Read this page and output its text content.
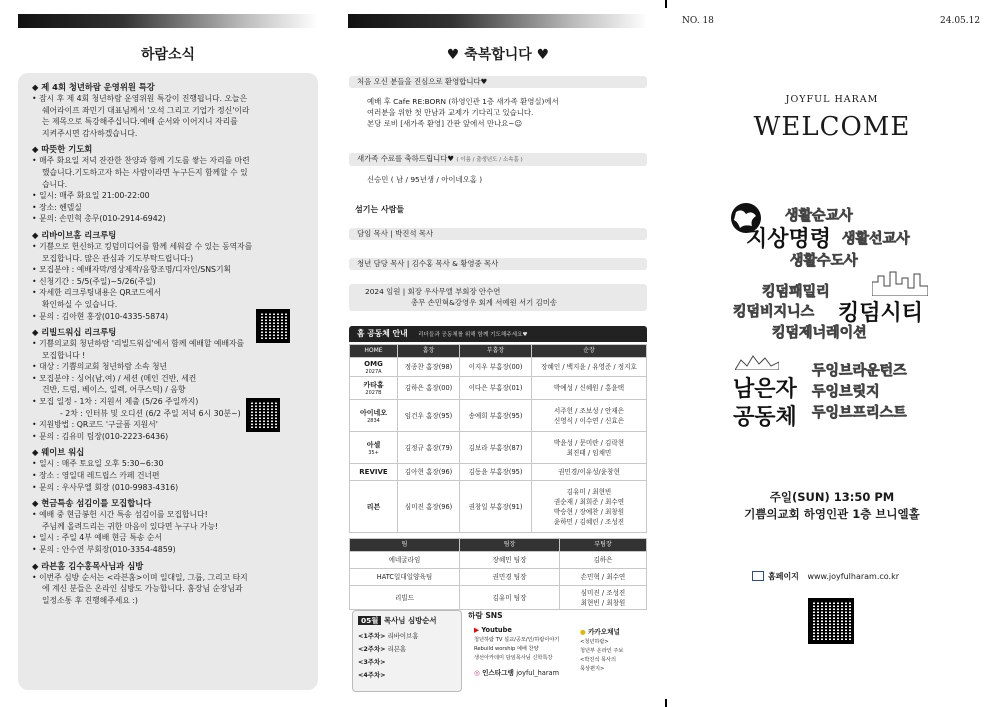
하람소식
◆ 제 4회 청년하람 운영위원 특강
• 잠시 후 제 4회 청년하람 운영위원 특강이 진행됩니다. 오늘은
쉐어라이프 좌민기 대표님께서 '오석 그리고 기업가 정신'이라
는 제목으로 특강해주십니다.예배 순서와 이어지니 자리를
지켜주시면 감사하겠습니다.
◆ 따뜻한 기도회
• 매주 화요일 저녁 잔잔한 찬양과 함께 기도를 쌓는 자리를 마련
했습니다.기도하고자 하는 사람이라면 누구든지 함께할 수 있
습니다.
• 일시: 매주 화요일 21:00-22:00
• 장소: 헨델실
• 문의: 손민혁 총무(010-2914-6942)
◆ 리바이브홈 리크루팅
• 기쁨으로 헌신하고 킹덤미디어를 함께 세워갈 수 있는 동역자를
모집합니다. 많은 관심과 기도부탁드립니다:)
• 모집분야 : 예배자막/영상제작/음향조명/디자인/SNS기획
• 신청기간 : 5/5(주일)~5/26(주일)
• 자세한 리크루팅내용은 QR코드에서
확인하실 수 있습니다.
• 문의 : 김아현 홍장(010-4335-5874)
◆ 리빌드워십 리크루팅
• 기쁨의교회 청년하람 '리빌드워십'에서 함께 예배할 예배자를
모집합니다 !
• 대상 : 기쁨의교회 청년하람 소속 청년
• 모집분야 : 싱어(남,여) / 세션 (메인 건반, 세컨
건반, 드럼, 베이스, 일렉, 어쿠스틱) / 음향
• 모집 일정 - 1차 : 지원서 제출 (5/26 주일까지)
- 2차 : 인터뷰 및 오디션 (6/2 주일 저녁 6시 30분~)
• 지원방법 : QR코드 '구글폼 지원서'
• 문의 : 김유미 팀장(010-2223-6436)
◆ 웨이브 워십
• 일시 : 매주 토요일 오후 5:30~6:30
• 장소 : 영일대 레드립스 카페 건너편
• 문의 : 우사무엘 회장 (010-9983-4316)
◆ 현금특송 섬김이를 모집합니다
• 예배 중 현금봉헌 시간 특송 섬김이를 모집합니다!
주님께 올려드리는 귀한 마음이 있다면 누구나 가능!
• 일시 : 주일 4부 예배 현금 특송 순서
• 문의 : 안수연 부회장(010-3354-4859)
◆ 라븐홈 김수홍목사님과 심방
• 이번주 심방 순서는 <라븐홈>이며 일대일, 그룹, 그리고 타지
에 계신 분들은 온라인 심방도 가능합니다. 홈장님 순장님과
일정소통 후 진행해주세요 :)
♥ 축복합니다 ♥
처음 오신 분들을 진심으로 환영합니다♥
예배 후 Cafe RE:BORN (하영인관 1층 새가족 환영실)에서
여러분을 위한 첫 만남과 교제가 기다리고 있습니다.
본당 로비 [새가족 환영] 간판 앞에서 만나요~☺
새가족 수료를 축하드립니다♥ ( 이름 / 출생년도 / 소속홈 )
신승민 ( 남 / 95년생 / 아이네오홈 )
섬기는 사람들
담임 목사 | 박진석 목사
청년 담당 목사 | 김수홍 목사 & 황영중 목사
2024 임원 | 회장 우사무엘 부회장 안수연
총무 손민혁&강영우 회계 서예원 서기 김미송
홈 공동체 안내 리더들과 공동체를 위해 함께 기도해주세요♥
HOME	홈장	부홈장	순장
OMG
2027A	정종찬 홈장(98)	이지우 부홈장(00)	장혜인 / 백지윤 / 유영준 / 정지호
카타홈
2027B	김하은 홈장(00)	이다은 부홈장(01)	박예성 / 신혜원 / 홍윤택
아이네오
2834	임건우 홈장(95)	송예희 부홈장(95)	서주헌 / 조보성 / 안재은
신영식 / 이수연 / 신효은
아셀
35+	김정규 홈장(79)	김보라 부홈장(87)	박윤성 / 문미란 / 김락현
최진태 / 임채민
REVIVE	김아현 홈장(96)	김동윤 부홈장(95)	권민경/이유성/윤창현
리븐	심미진 홈장(96)	권창일 부홈장(91)	김유미 / 최현빈
권순재 / 최희준 / 최수연
박승현 / 장예찬 / 최창원
윤하민 / 김혜린 / 조성진
팀	팀장	부팀장
에네굴라임	장혜민 팀장	김하은
HATC일대일양육팀	권민경 팀장	손민혁 / 최수연
리빌드	김유미 팀장	심미진 / 조성진
최현빈 / 최창원
05월 목사님 심방순서
<1주차> 리바이브홈
<2주차> 리븐홈
<3주차>
<4주차>
하람 SNS
▶ Youtube
청년하람 TV 설교/공모/인/하람이야기
Rebuild worship 예배 찬양
생선아카데미 담임목사님 신학특강
◎ 인스타그램 joyful_haram
● 카카오채널
<청년하람>
청년부 온라인 주보
<박진석 목사의
묵상편지>
NO. 18	24.05.12
JOYFUL HARAM
WELCOME
생활순교사
지상명령 생활선교사
생활수도사
킹덤패밀리
킹덤비지니스 킹덤시티
킹덤제너레이션
남은자
공동체
두잉브라운턴즈
두잉브릿지
두잉브프리스트
주일(SUN) 13:50 PM
기쁨의교회 하영인관 1층 브니엘홀
홈페이지 www.joyfulharam.co.kr
